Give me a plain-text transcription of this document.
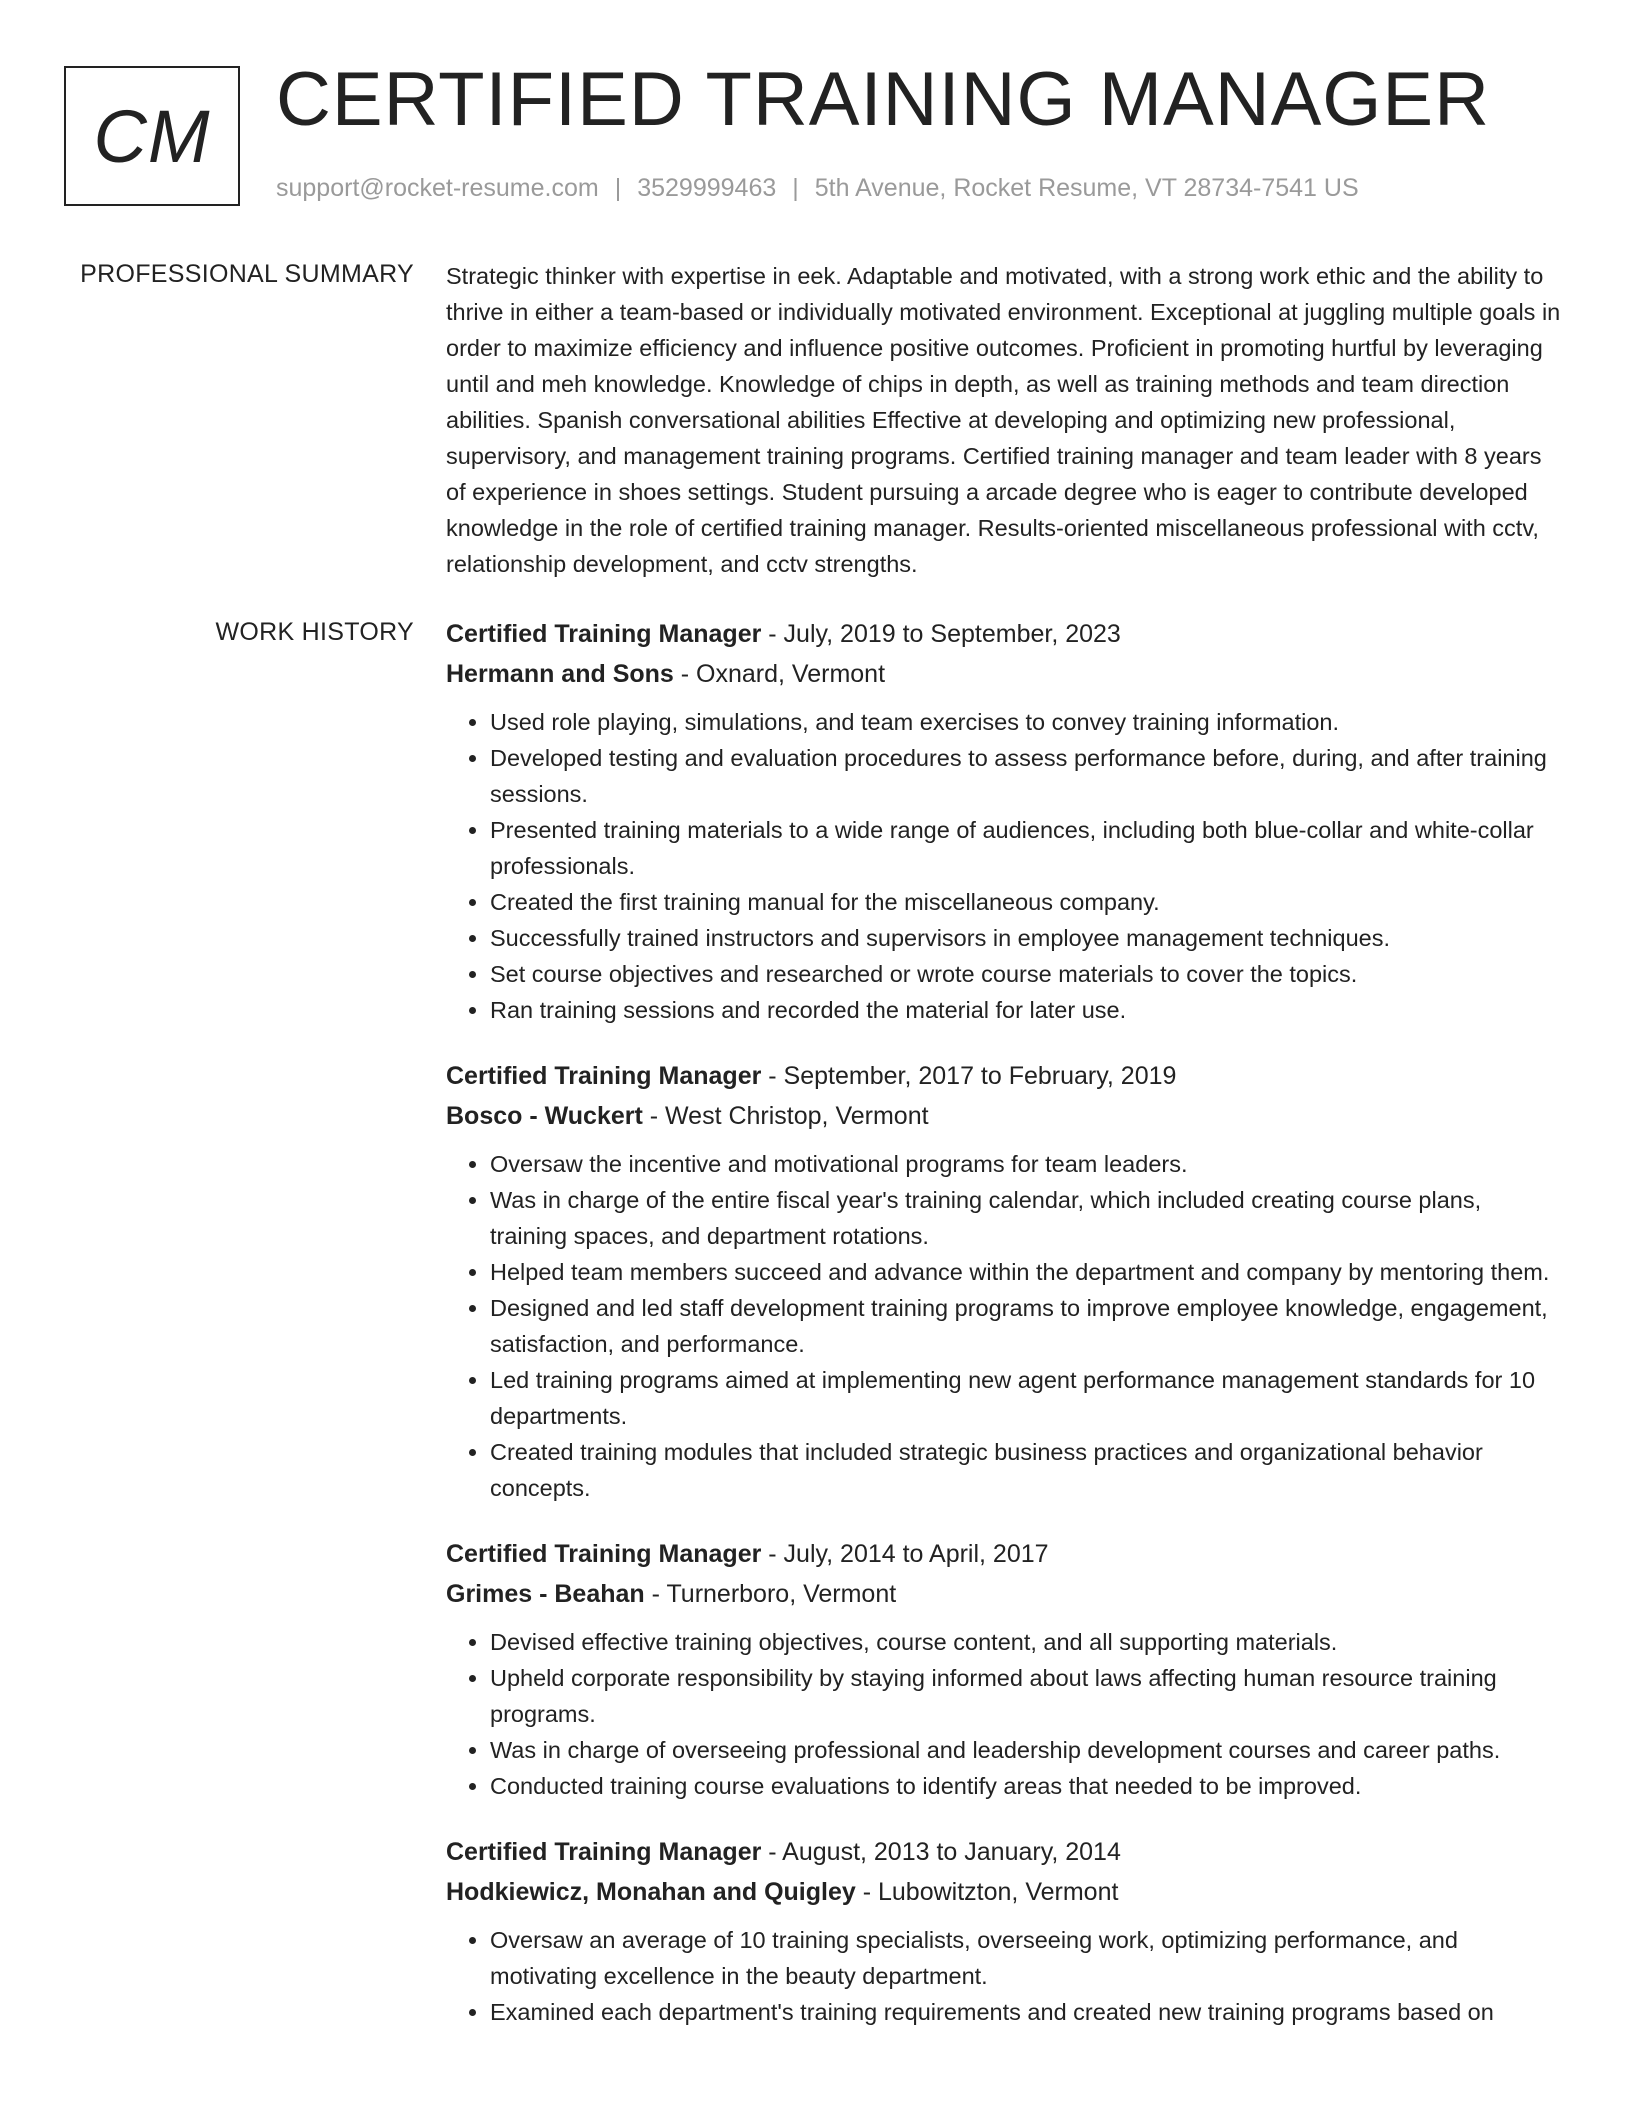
CM CERTIFIED TRAINING MANAGER
support@rocket-resume.com | 3529999463 | 5th Avenue, Rocket Resume, VT 28734-7541 US
PROFESSIONAL SUMMARY Strategic thinker with expertise in eek. Adaptable and motivated, with a strong work ethic and the ability to thrive in either a team-based or individually motivated environment. Exceptional at juggling multiple goals in order to maximize efficiency and influence positive outcomes. Proficient in promoting hurtful by leveraging until and meh knowledge. Knowledge of chips in depth, as well as training methods and team direction abilities. Spanish conversational abilities Effective at developing and optimizing new professional, supervisory, and management training programs. Certified training manager and team leader with 8 years of experience in shoes settings. Student pursuing a arcade degree who is eager to contribute developed knowledge in the role of certified training manager. Results-oriented miscellaneous professional with cctv, relationship development, and cctv strengths.
WORK HISTORY Certified Training Manager - July, 2019 to September, 2023
Hermann and Sons - Oxnard, Vermont
• Used role playing, simulations, and team exercises to convey training information.
• Developed testing and evaluation procedures to assess performance before, during, and after training sessions.
• Presented training materials to a wide range of audiences, including both blue-collar and white-collar professionals.
• Created the first training manual for the miscellaneous company.
• Successfully trained instructors and supervisors in employee management techniques.
• Set course objectives and researched or wrote course materials to cover the topics.
• Ran training sessions and recorded the material for later use.
Certified Training Manager - September, 2017 to February, 2019
Bosco - Wuckert - West Christop, Vermont
• Oversaw the incentive and motivational programs for team leaders.
• Was in charge of the entire fiscal year's training calendar, which included creating course plans, training spaces, and department rotations.
• Helped team members succeed and advance within the department and company by mentoring them.
• Designed and led staff development training programs to improve employee knowledge, engagement, satisfaction, and performance.
• Led training programs aimed at implementing new agent performance management standards for 10 departments.
• Created training modules that included strategic business practices and organizational behavior concepts.
Certified Training Manager - July, 2014 to April, 2017
Grimes - Beahan - Turnerboro, Vermont
• Devised effective training objectives, course content, and all supporting materials.
• Upheld corporate responsibility by staying informed about laws affecting human resource training programs.
• Was in charge of overseeing professional and leadership development courses and career paths.
• Conducted training course evaluations to identify areas that needed to be improved.
Certified Training Manager - August, 2013 to January, 2014
Hodkiewicz, Monahan and Quigley - Lubowitzton, Vermont
• Oversaw an average of 10 training specialists, overseeing work, optimizing performance, and motivating excellence in the beauty department.
• Examined each department's training requirements and created new training programs based on
